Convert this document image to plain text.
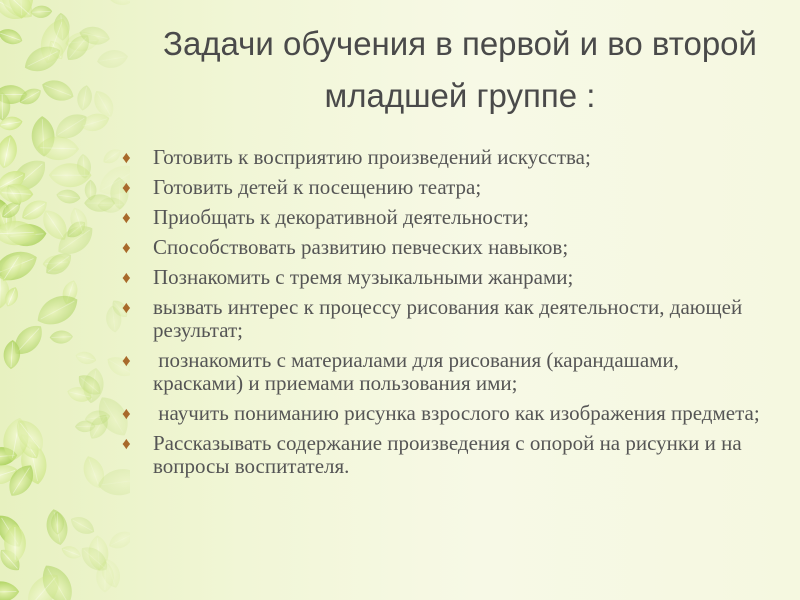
Задачи обучения в первой и во второй младшей группе :
♦	Готовить к восприятию произведений искусства;
♦	Готовить детей к посещению театра;
♦	Приобщать к декоративной деятельности;
♦	Способствовать развитию певческих навыков;
♦	Познакомить с тремя музыкальными жанрами;
♦	вызвать интерес к процессу рисования как деятельности, дающей результат;
♦	познакомить с материалами для рисования (карандашами, красками) и приемами пользования ими;
♦	научить пониманию рисунка взрослого как изображения предмета;
♦	Рассказывать содержание произведения с опорой на рисунки и на вопросы воспитателя.
